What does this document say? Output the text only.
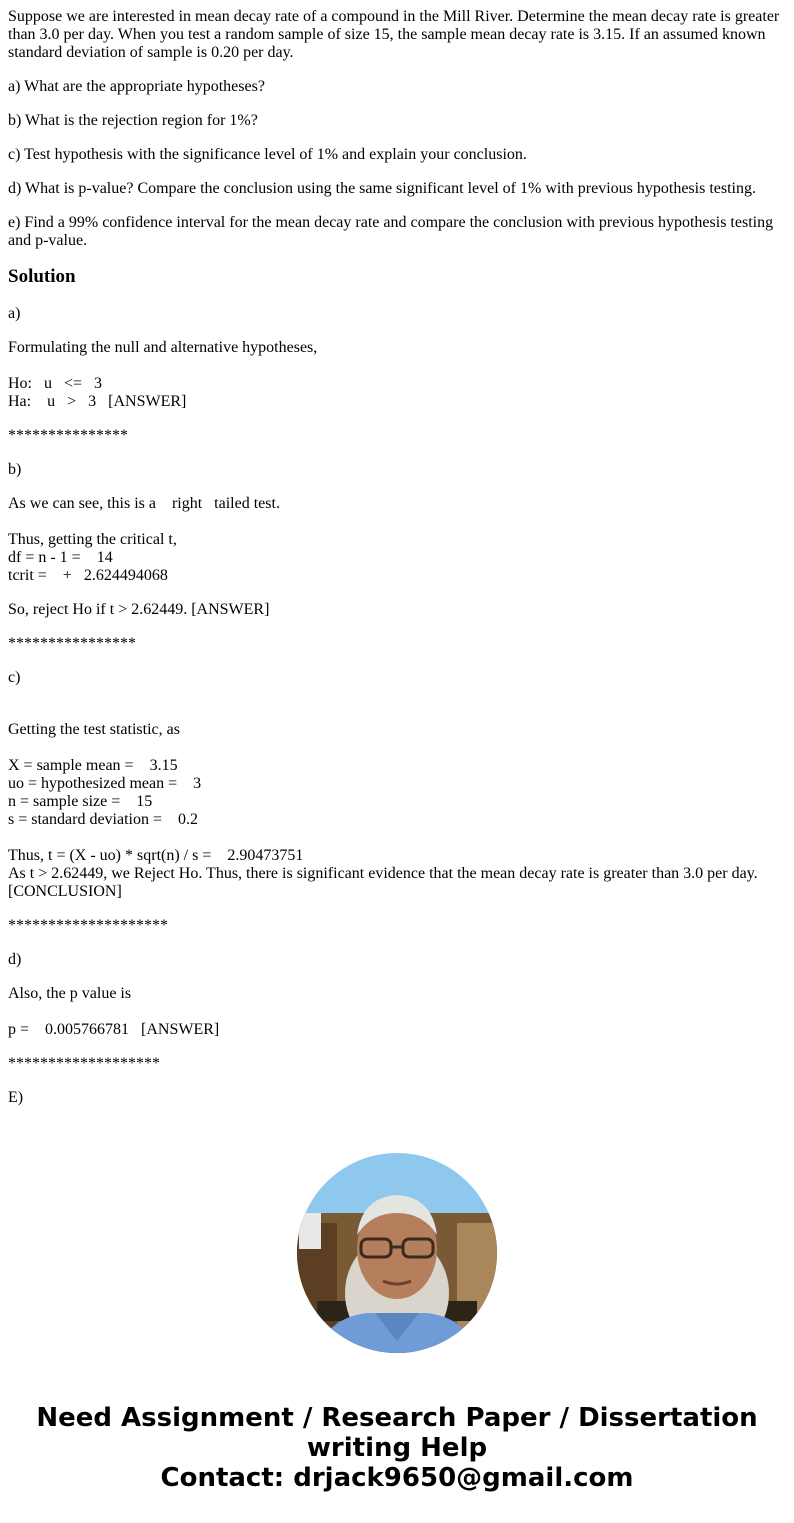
Suppose we are interested in mean decay rate of a compound in the Mill River. Determine the mean decay rate is greater than 3.0 per day. When you test a random sample of size 15, the sample mean decay rate is 3.15. If an assumed known standard deviation of sample is 0.20 per day.

a) What are the appropriate hypotheses?

b) What is the rejection region for 1%?

c) Test hypothesis with the significance level of 1% and explain your conclusion.

d) What is p-value? Compare the conclusion using the same significant level of 1% with previous hypothesis testing.

e) Find a 99% confidence interval for the mean decay rate and compare the conclusion with previous hypothesis testing and p-value.

Solution

a)

Formulating the null and alternative hypotheses,

Ho:   u   <=   3

Ha:    u   >   3   [ANSWER]

***************

b)

As we can see, this is a    right   tailed test.

Thus, getting the critical t,

df = n - 1 =    14

tcrit =    +   2.624494068

So, reject Ho if t > 2.62449. [ANSWER]

****************

c)

Getting the test statistic, as

X = sample mean =    3.15

uo = hypothesized mean =    3

n = sample size =    15

s = standard deviation =    0.2

Thus, t = (X - uo) * sqrt(n) / s =    2.90473751

As t > 2.62449, we Reject Ho. Thus, there is significant evidence that the mean decay rate is greater than 3.0 per day. [CONCLUSION]

********************

d)

Also, the p value is

p =    0.005766781   [ANSWER]

*******************

E)

Need Assignment / Research Paper / Dissertation
writing Help
Contact: drjack9650@gmail.com
